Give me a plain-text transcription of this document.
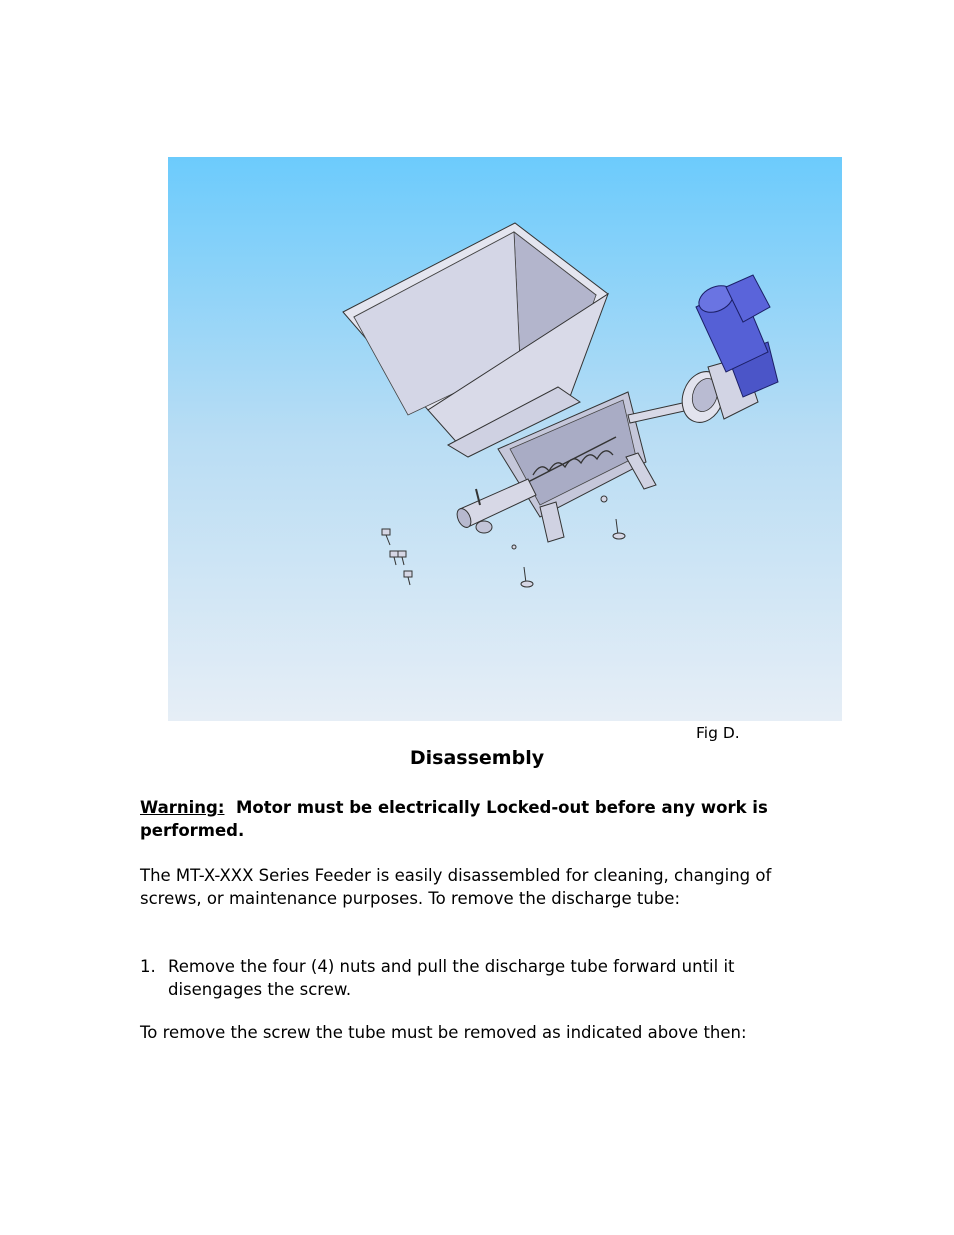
Fig D.
Disassembly

Warning: Motor must be electrically Locked-out before any work is performed.

The MT-X-XXX Series Feeder is easily disassembled for cleaning, changing of screws, or maintenance purposes. To remove the discharge tube:

1. Remove the four (4) nuts and pull the discharge tube forward until it disengages the screw.

To remove the screw the tube must be removed as indicated above then:
